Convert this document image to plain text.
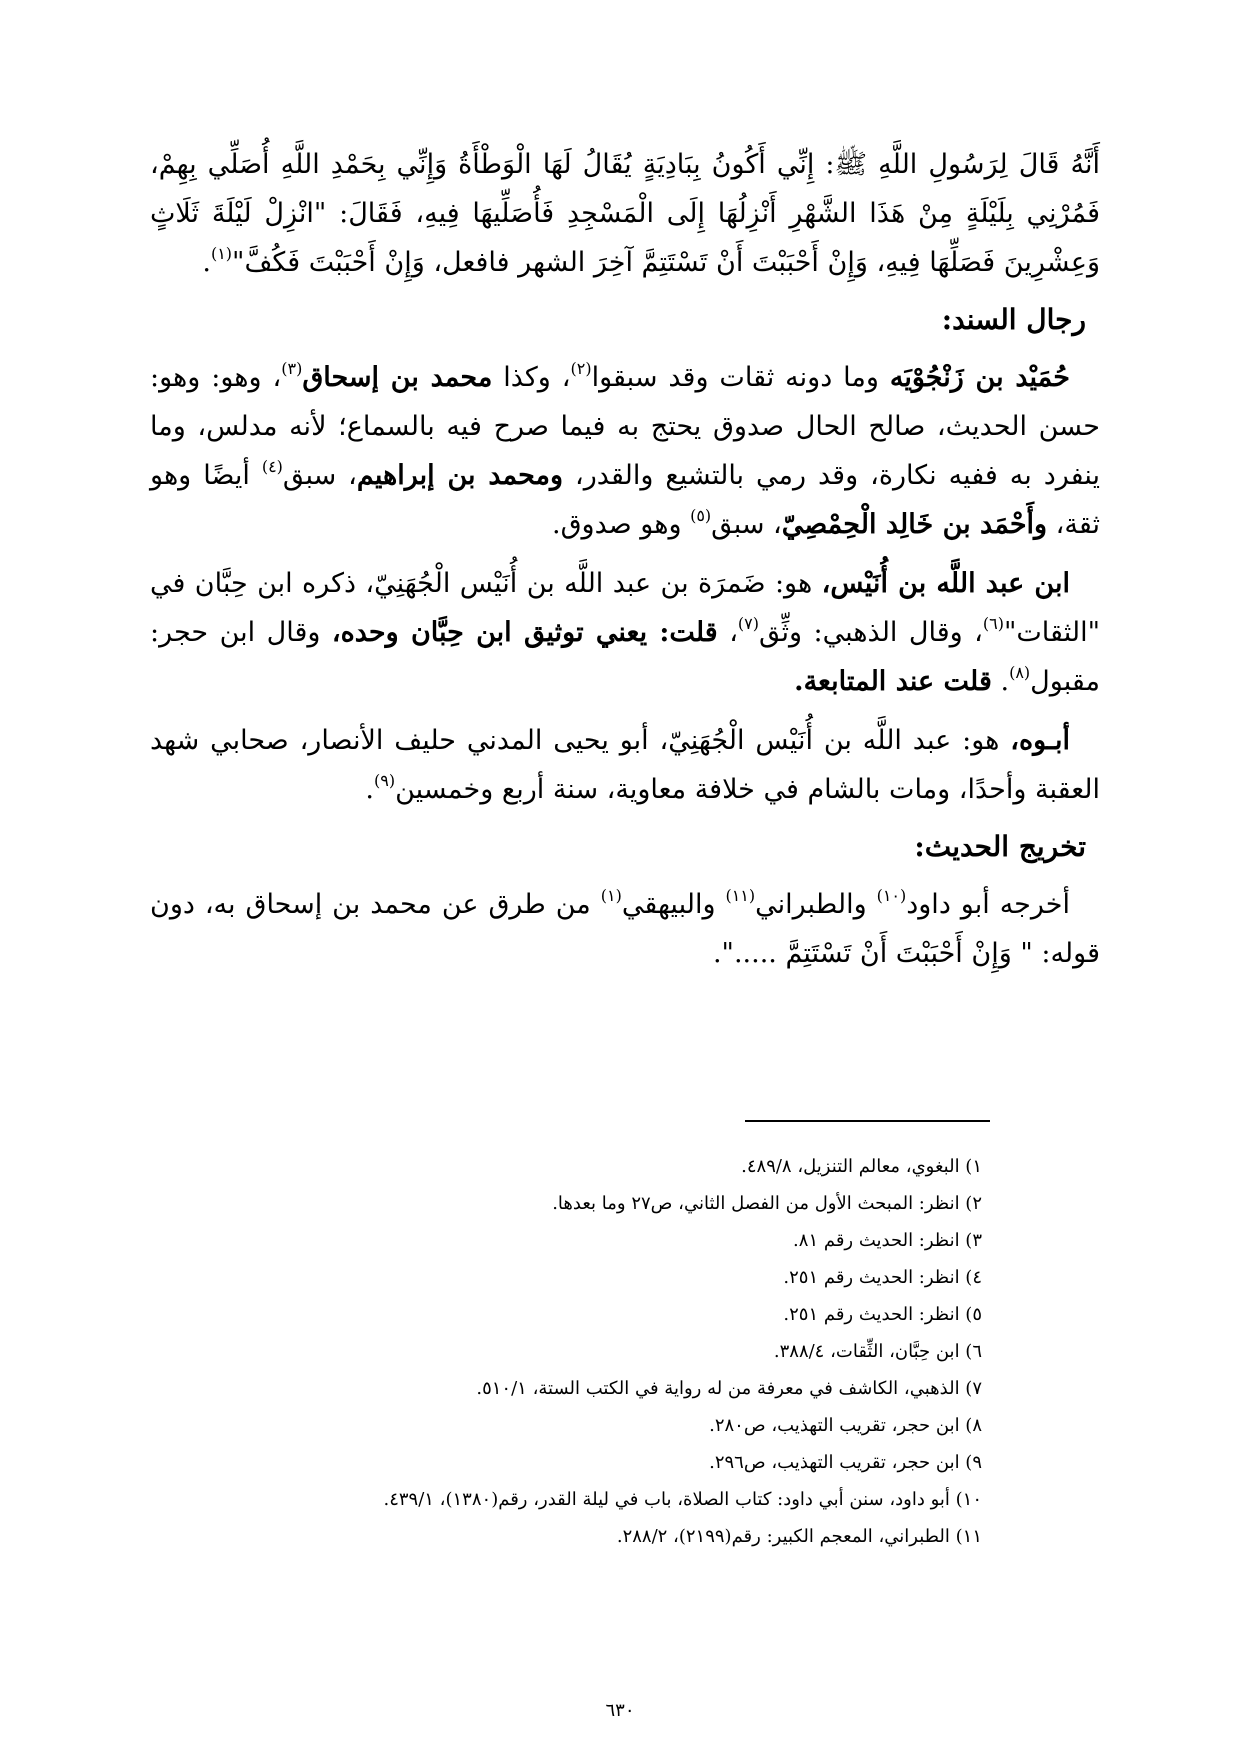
أَنَّهُ قَالَ لِرَسُولِ اللَّهِ ﷺ: إِنِّي أَكُونُ بِبَادِيَةٍ يُقَالُ لَهَا الْوَطْأَةُ وَإِنِّي بِحَمْدِ اللَّهِ أُصَلِّي بِهِمْ، فَمُرْنِي بِلَيْلَةٍ مِنْ هَذَا الشَّهْرِ أَنْزِلُهَا إِلَى الْمَسْجِدِ فَأُصَلِّيهَا فِيهِ، فَقَالَ: "انْزِلْ لَيْلَةَ ثَلَاثٍ وَعِشْرِينَ فَصَلِّهَا فِيهِ، وَإِنْ أَحْبَبْتَ أَنْ تَسْتَتِمَّ آخِرَ الشهر فافعل، وَإِنْ أَحْبَبْتَ فَكُفَّ"$^{(١)}$.

رجال السند:

حُمَيْد بن زَنْجُوْيَه وما دونه ثقات وقد سبقوا$^{(٢)}$، وكذا محمد بن إسحاق$^{(٣)}$، وهو: وهو: حسن الحديث، صالح الحال صدوق يحتج به فيما صرح فيه بالسماع؛ لأنه مدلس، وما ينفرد به ففيه نكارة، وقد رمي بالتشيع والقدر، ومحمد بن إبراهيم، سبق$^{(٤)}$ أيضًا وهو ثقة، وأَحْمَد بن خَالِد الْحِمْصِيّ، سبق$^{(٥)}$ وهو صدوق.

ابن عبد اللَّه بن أُنَيْس، هو: ضَمرَة بن عبد اللَّه بن أُنَيْس الْجُهَنِيّ، ذكره ابن حِبَّان في "الثقات"$^{(٦)}$، وقال الذهبي: وثِّق$^{(٧)}$، قلت: يعني توثيق ابن حِبَّان وحده، وقال ابن حجر: مقبول$^{(٨)}$. قلت عند المتابعة.

أبـوه، هو: عبد اللَّه بن أُنَيْس الْجُهَنِيّ، أبو يحيى المدني حليف الأنصار، صحابي شهد العقبة وأحدًا، ومات بالشام في خلافة معاوية، سنة أربع وخمسين$^{(٩)}$.

تخريج الحديث:

أخرجه أبو داود$^{(١٠)}$ والطبراني$^{(١١)}$ والبيهقي$^{(١)}$ من طرق عن محمد بن إسحاق به، دون قوله: " وَإِنْ أَحْبَبْتَ أَنْ تَسْتَتِمَّ .....".

١) البغوي، معالم التنزيل، ٤٨٩/٨.
٢) انظر: المبحث الأول من الفصل الثاني، ص٢٧ وما بعدها.
٣) انظر: الحديث رقم ٨١.
٤) انظر: الحديث رقم ٢٥١.
٥) انظر: الحديث رقم ٢٥١.
٦) ابن حِبَّان، الثِّقات، ٣٨٨/٤.
٧) الذهبي، الكاشف في معرفة من له رواية في الكتب الستة، ٥١٠/١.
٨) ابن حجر، تقريب التهذيب، ص٢٨٠.
٩) ابن حجر، تقريب التهذيب، ص٢٩٦.
١٠) أبو داود، سنن أبي داود: كتاب الصلاة، باب في ليلة القدر، رقم(١٣٨٠)، ٤٣٩/١.
١١) الطبراني، المعجم الكبير: رقم(٢١٩٩)، ٢٨٨/٢.
٦٣٠
